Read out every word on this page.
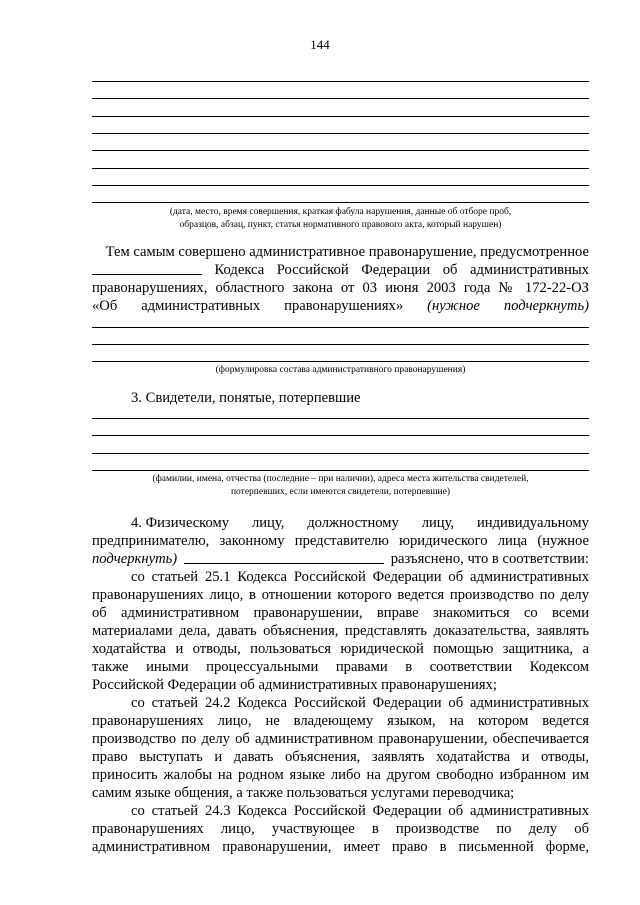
144
(дата, место, время совершения, краткая фабула нарушения, данные об отборе проб,
образцов, абзац, пункт, статья нормативного правового акта, который нарушен)
Тем самым совершено административное правонарушение, предусмотренное
Кодекса Российской Федерации об административных
правонарушениях, областного закона от 03 июня 2003 года № 172-22-ОЗ
«Об административных правонарушениях» (нужное подчеркнуть)
(формулировка состава административного правонарушения)
3. Свидетели, понятые, потерпевшие
(фамилии, имена, отчества (последние – при наличии), адреса места жительства свидетелей,
потерпевших, если имеются свидетели, потерпевшие)
4. Физическому лицу, должностному лицу, индивидуальному
предпринимателю, законному представителю юридического лица (нужное
подчеркнуть)	разъяснено, что в соответствии:
со статьей 25.1 Кодекса Российской Федерации об административных
правонарушениях лицо, в отношении которого ведется производство по делу
об административном правонарушении, вправе знакомиться со всеми
материалами дела, давать объяснения, представлять доказательства, заявлять
ходатайства и отводы, пользоваться юридической помощью защитника, а
также иными процессуальными правами в соответствии Кодексом
Российской Федерации об административных правонарушениях;
со статьей 24.2 Кодекса Российской Федерации об административных
правонарушениях лицо, не владеющему языком, на котором ведется
производство по делу об административном правонарушении, обеспечивается
право выступать и давать объяснения, заявлять ходатайства и отводы,
приносить жалобы на родном языке либо на другом свободно избранном им
самим языке общения, а также пользоваться услугами переводчика;
со статьей 24.3 Кодекса Российской Федерации об административных
правонарушениях лицо, участвующее в производстве по делу об
административном правонарушении, имеет право в письменной форме,
